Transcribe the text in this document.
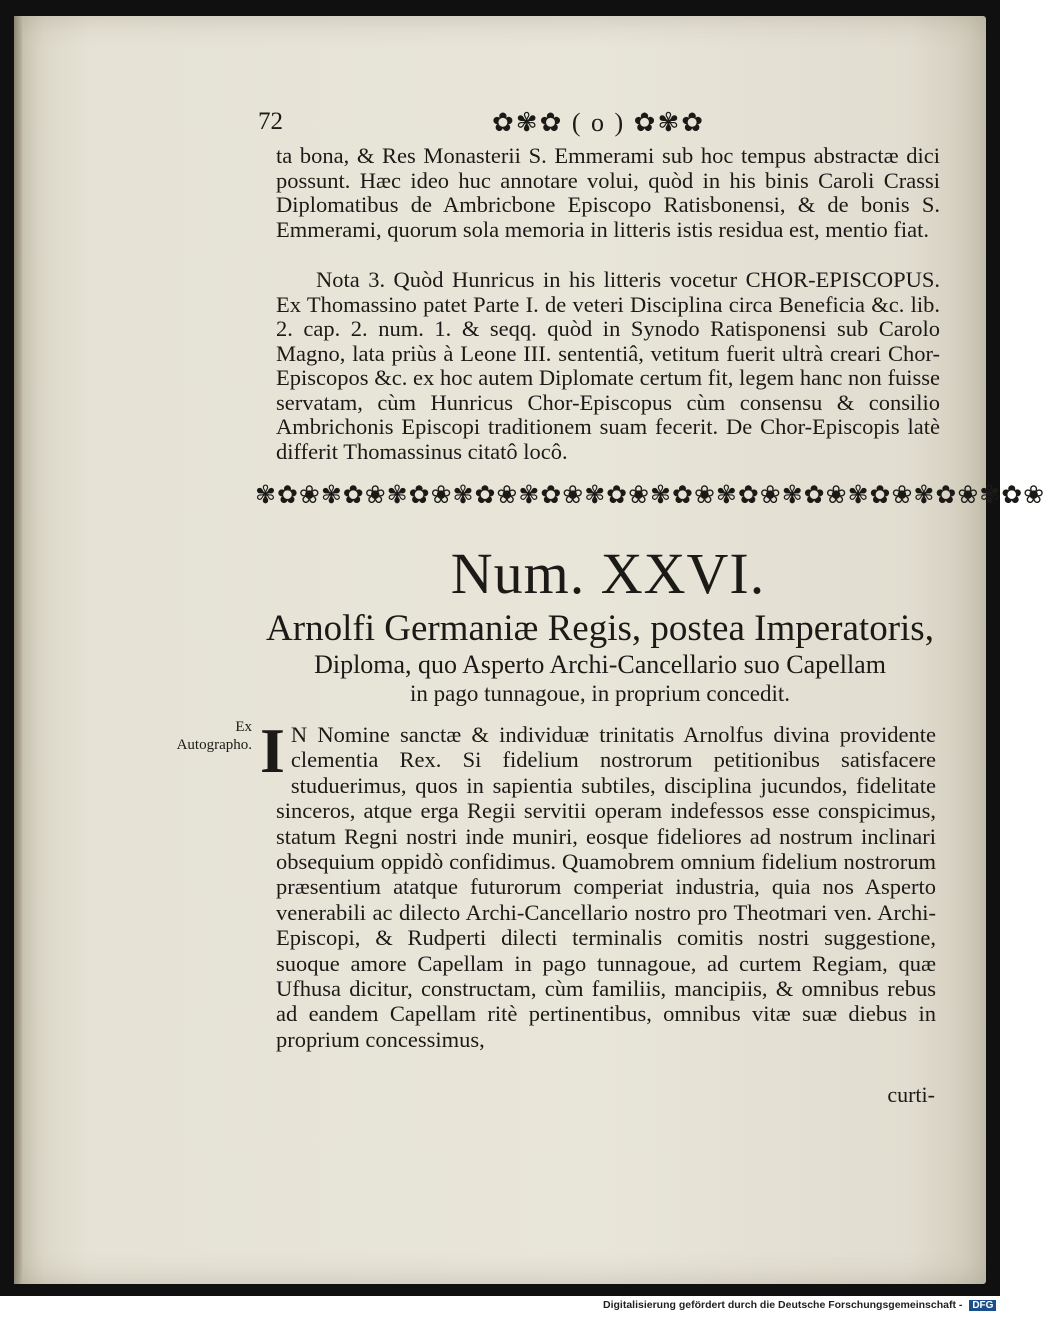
72	✿✾✿ ( o ) ✿✾✿

ta bona, & Res Monasterii S. Emmerami sub hoc tempus abstractæ dici possunt. Hæc ideo huc annotare volui, quòd in his binis Caroli Crassi Diplomatibus de Ambricbone Episcopo Ratisbonensi, & de bonis S. Emmerami, quorum sola memoria in litteris istis residua est, mentio fiat.

Nota 3. Quòd Hunricus in his litteris vocetur CHOR-EPISCOPUS. Ex Thomassino patet Parte I. de veteri Disciplina circa Beneficia &c. lib. 2. cap. 2. num. 1. & seqq. quòd in Synodo Ratisponensi sub Carolo Magno, lata priùs à Leone III. sententiâ, vetitum fuerit ultrà creari Chor-Episcopos &c. ex hoc autem Diplomate certum fit, legem hanc non fuisse servatam, cùm Hunricus Chor-Episcopus cùm consensu & consilio Ambrichonis Episcopi traditionem suam fecerit. De Chor-Episcopis latè differit Thomassinus citatô locô.

✾✿❀✾✿❀✾✿❀✾✿❀✾✿❀✾✿❀✾✿❀✾✿❀✾✿❀✾✿❀✾✿❀✾✿❀
Num. XXVI.
Arnolfi Germaniæ Regis, postea Imperatoris,
Diploma, quo Asperto Archi-Cancellario suo Capellam
in pago tunnagoue, in proprium concedit.
Ex Autographo. I N Nomine sanctæ & individuæ trinitatis Arnolfus divina providente clementia Rex. Si fidelium nostrorum petitionibus satisfacere studuerimus, quos in sapientia subtiles, disciplina jucundos, fidelitate sinceros, atque erga Regii servitii operam indefessos esse conspicimus, statum Regni nostri inde muniri, eosque fideliores ad nostrum inclinari obsequium oppidò confidimus. Quamobrem omnium fidelium nostrorum præsentium atatque futurorum comperiat industria, quia nos Asperto venerabili ac dilecto Archi-Cancellario nostro pro Theotmari ven. Archi-Episcopi, & Rudperti dilecti terminalis comitis nostri suggestione, suoque amore Capellam in pago tunnagoue, ad curtem Regiam, quæ Ufhusa dicitur, constructam, cùm familiis, mancipiis, & omnibus rebus ad eandem Capellam ritè pertinentibus, omnibus vitæ suæ diebus in proprium concessimus,
curti-
Digitalisierung gefördert durch die Deutsche Forschungsgemeinschaft - DFG
